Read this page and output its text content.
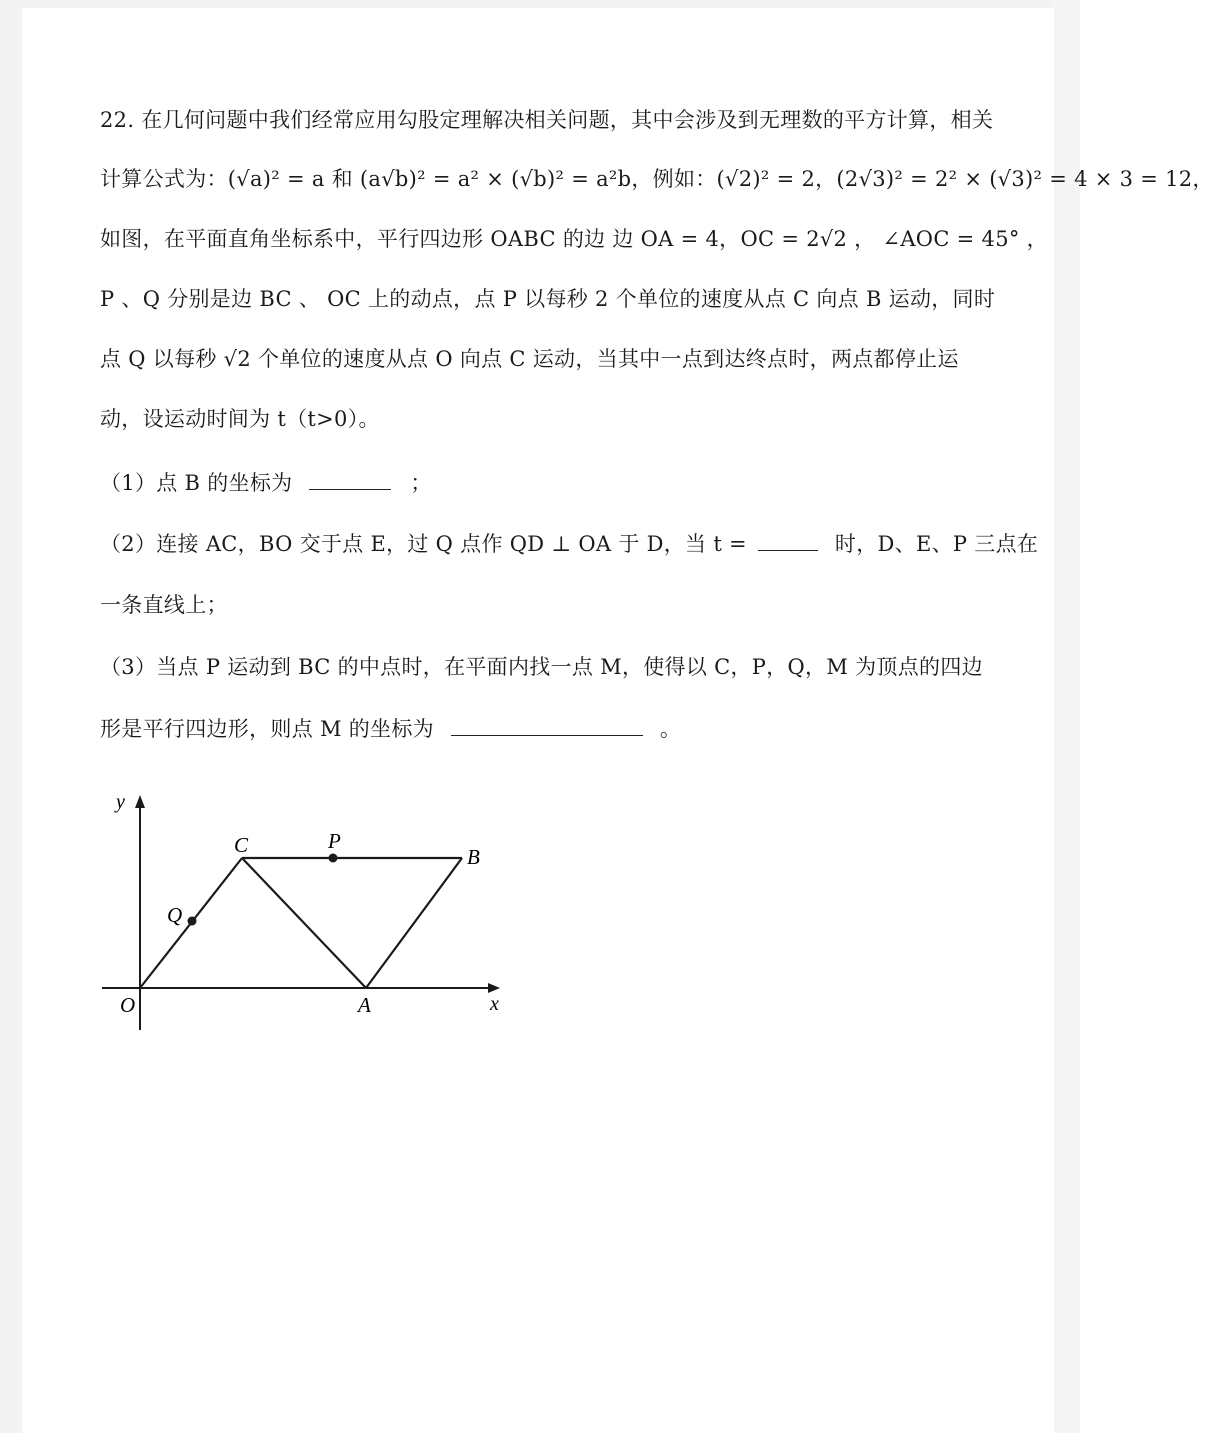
22. 在几何问题中我们经常应用勾股定理解决相关问题，其中会涉及到无理数的平方计算，相关
计算公式为：(√a)² = a 和 (a√b)² = a² × (√b)² = a²b，例如：(√2)² = 2，(2√3)² = 2² × (√3)² = 4 × 3 = 12，
如图，在平面直角坐标系中，平行四边形 OABC 的边 边 OA = 4，OC = 2√2 ， ∠AOC = 45° ，
P 、Q 分别是边 BC 、 OC 上的动点，点 P 以每秒 2 个单位的速度从点 C 向点 B 运动，同时
点 Q 以每秒 √2 个单位的速度从点 O 向点 C 运动，当其中一点到达终点时，两点都停止运
动，设运动时间为 t（t>0）。
（1）点 B 的坐标为	；
（2）连接 AC，BO 交于点 E，过 Q 点作 QD ⊥ OA 于 D，当 t =	时，D、E、P 三点在
一条直线上；
（3）当点 P 运动到 BC 的中点时，在平面内找一点 M，使得以 C，P，Q，M 为顶点的四边
形是平行四边形，则点 M 的坐标为	。
y
x
O	A
B
C	P
Q
